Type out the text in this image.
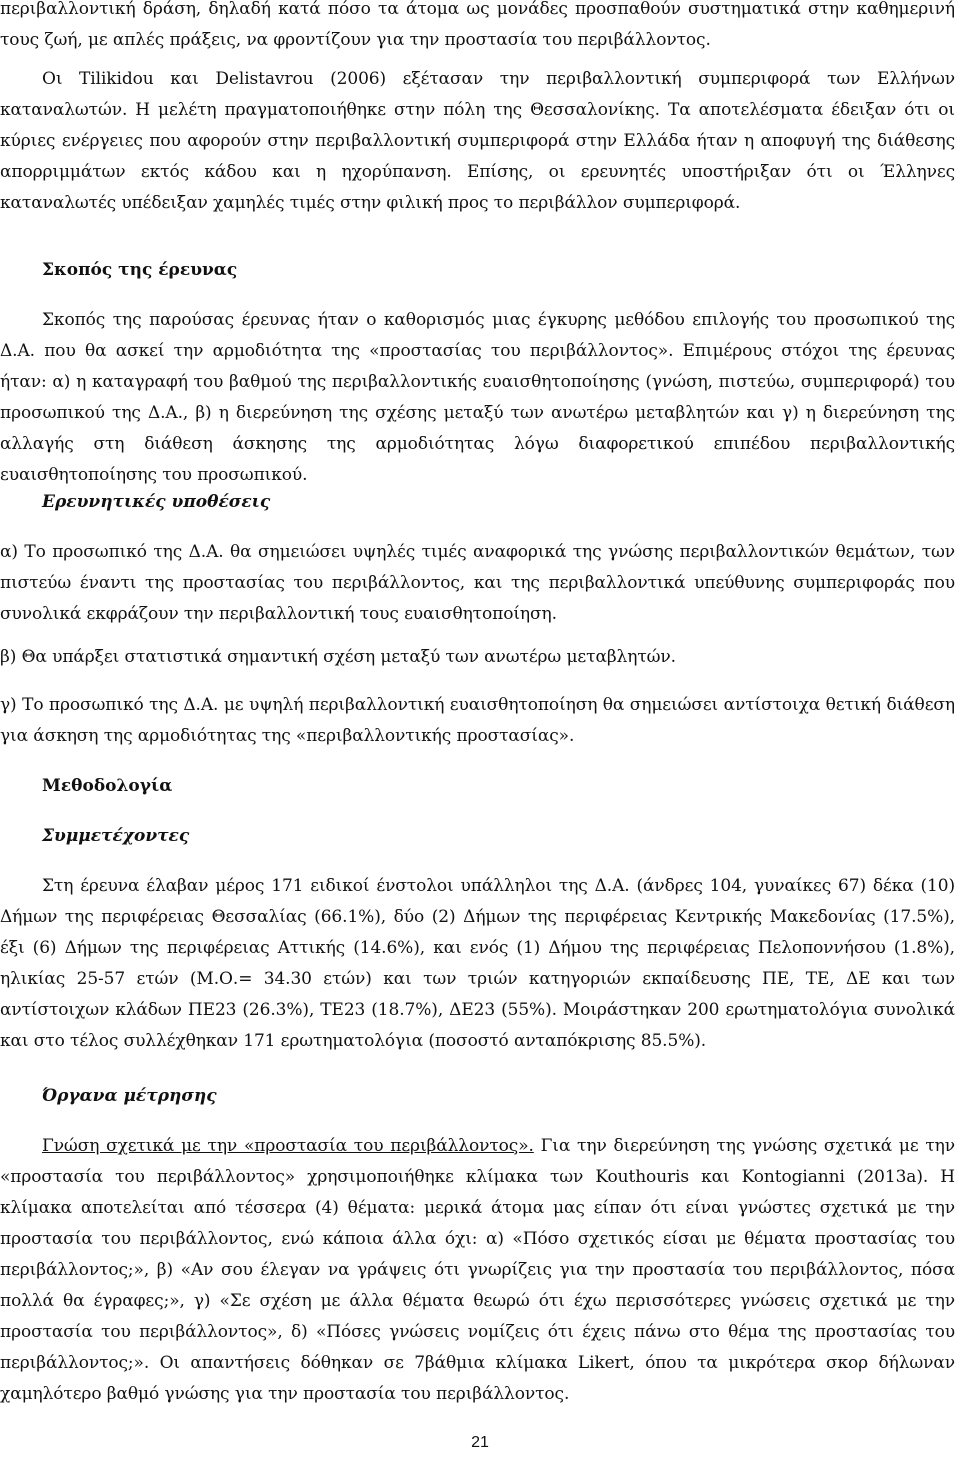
περιβαλλοντική δράση, δηλαδή κατά πόσο τα άτομα ως μονάδες προσπαθούν συστηματικά στην καθημερινή τους ζωή, με απλές πράξεις, να φροντίζουν για την προστασία του περιβάλλοντος.

Οι Tilikidou και Delistavrou (2006) εξέτασαν την περιβαλλοντική συμπεριφορά των Ελλήνων καταναλωτών. Η μελέτη πραγματοποιήθηκε στην πόλη της Θεσσαλονίκης. Τα αποτελέσματα έδειξαν ότι οι κύριες ενέργειες που αφορούν στην περιβαλλοντική συμπεριφορά στην Ελλάδα ήταν η αποφυγή της διάθεσης απορριμμάτων εκτός κάδου και η ηχορύπανση. Επίσης, οι ερευνητές υποστήριξαν ότι οι Έλληνες καταναλωτές υπέδειξαν χαμηλές τιμές στην φιλική προς το περιβάλλον συμπεριφορά.

Σκοπός της έρευνας

Σκοπός της παρούσας έρευνας ήταν ο καθορισμός μιας έγκυρης μεθόδου επιλογής του προσωπικού της Δ.Α. που θα ασκεί την αρμοδιότητα της «προστασίας του περιβάλλοντος». Επιμέρους στόχοι της έρευνας ήταν: α) η καταγραφή του βαθμού της περιβαλλοντικής ευαισθητοποίησης (γνώση, πιστεύω, συμπεριφορά) του προσωπικού της Δ.Α., β) η διερεύνηση της σχέσης μεταξύ των ανωτέρω μεταβλητών και γ) η διερεύνηση της αλλαγής στη διάθεση άσκησης της αρμοδιότητας λόγω διαφορετικού επιπέδου περιβαλλοντικής ευαισθητοποίησης του προσωπικού.

Ερευνητικές υποθέσεις

α) Το προσωπικό της Δ.Α. θα σημειώσει υψηλές τιμές αναφορικά της γνώσης περιβαλλοντικών θεμάτων, των πιστεύω έναντι της προστασίας του περιβάλλοντος, και της περιβαλλοντικά υπεύθυνης συμπεριφοράς που συνολικά εκφράζουν την περιβαλλοντική τους ευαισθητοποίηση.

β) Θα υπάρξει στατιστικά σημαντική σχέση μεταξύ των ανωτέρω μεταβλητών.

γ) Το προσωπικό της Δ.Α. με υψηλή περιβαλλοντική ευαισθητοποίηση θα σημειώσει αντίστοιχα θετική διάθεση για άσκηση της αρμοδιότητας της «περιβαλλοντικής προστασίας».

Μεθοδολογία
Συμμετέχοντες

Στη έρευνα έλαβαν μέρος 171 ειδικοί ένστολοι υπάλληλοι της Δ.Α. (άνδρες 104, γυναίκες 67) δέκα (10) Δήμων της περιφέρειας Θεσσαλίας (66.1%), δύο (2) Δήμων της περιφέρειας Κεντρικής Μακεδονίας (17.5%), έξι (6) Δήμων της περιφέρειας Αττικής (14.6%), και ενός (1) Δήμου της περιφέρειας Πελοποννήσου (1.8%), ηλικίας 25-57 ετών (Μ.Ο.= 34.30 ετών) και των τριών κατηγοριών εκπαίδευσης ΠΕ, ΤΕ, ΔΕ και των αντίστοιχων κλάδων ΠΕ23 (26.3%), ΤΕ23 (18.7%), ΔΕ23 (55%). Μοιράστηκαν 200 ερωτηματολόγια συνολικά και στο τέλος συλλέχθηκαν 171 ερωτηματολόγια (ποσοστό ανταπόκρισης 85.5%).

Όργανα μέτρησης

Γνώση σχετικά με την «προστασία του περιβάλλοντος». Για την διερεύνηση της γνώσης σχετικά με την «προστασία του περιβάλλοντος» χρησιμοποιήθηκε κλίμακα των Kouthouris και Kontogianni (2013a). Η κλίμακα αποτελείται από τέσσερα (4) θέματα: μερικά άτομα μας είπαν ότι είναι γνώστες σχετικά με την προστασία του περιβάλλοντος, ενώ κάποια άλλα όχι: α) «Πόσο σχετικός είσαι με θέματα προστασίας του περιβάλλοντος;», β) «Αν σου έλεγαν να γράψεις ότι γνωρίζεις για την προστασία του περιβάλλοντος, πόσα πολλά θα έγραφες;», γ) «Σε σχέση με άλλα θέματα θεωρώ ότι έχω περισσότερες γνώσεις σχετικά με την προστασία του περιβάλλοντος», δ) «Πόσες γνώσεις νομίζεις ότι έχεις πάνω στο θέμα της προστασίας του περιβάλλοντος;». Οι απαντήσεις δόθηκαν σε 7βάθμια κλίμακα Likert, όπου τα μικρότερα σκορ δήλωναν χαμηλότερο βαθμό γνώσης για την προστασία του περιβάλλοντος.

21
